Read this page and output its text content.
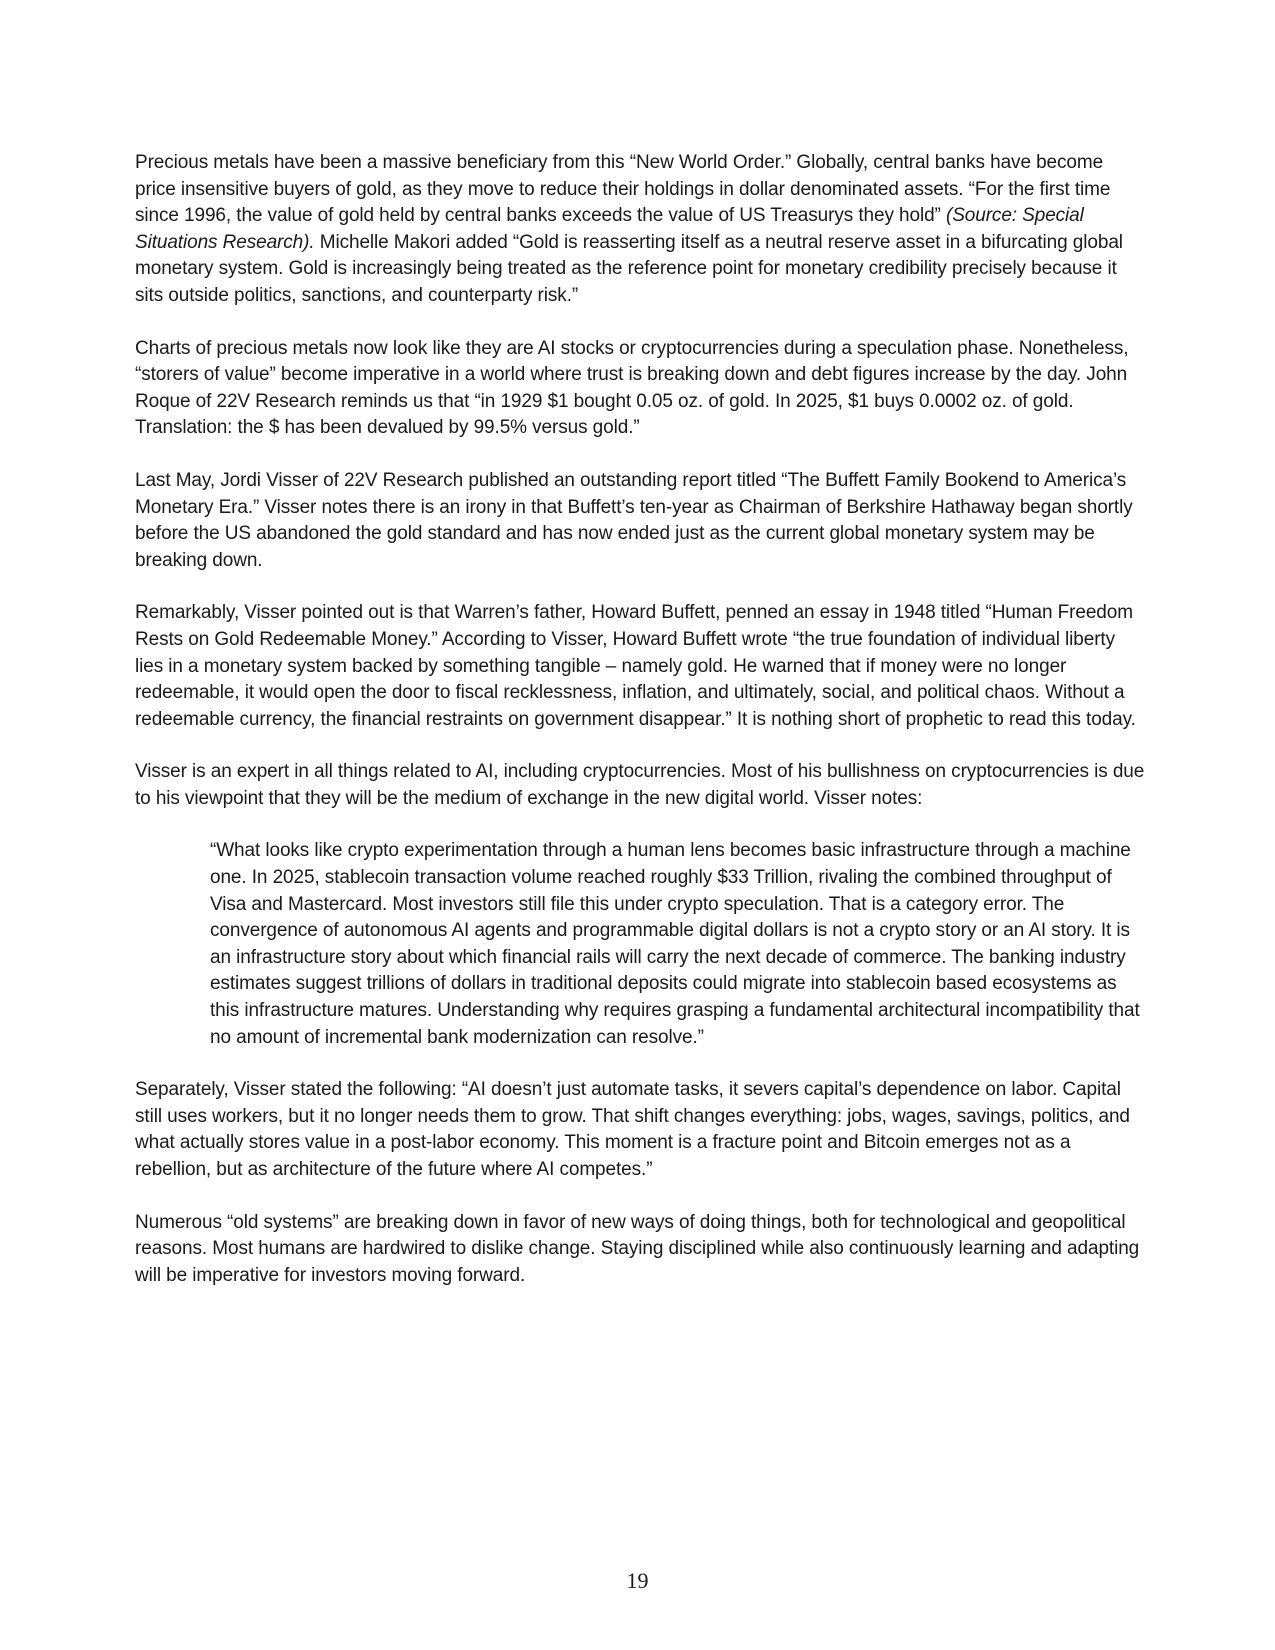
Precious metals have been a massive beneficiary from this “New World Order.” Globally, central banks have become price insensitive buyers of gold, as they move to reduce their holdings in dollar denominated assets. “For the first time since 1996, the value of gold held by central banks exceeds the value of US Treasurys they hold” (Source: Special Situations Research). Michelle Makori added “Gold is reasserting itself as a neutral reserve asset in a bifurcating global monetary system. Gold is increasingly being treated as the reference point for monetary credibility precisely because it sits outside politics, sanctions, and counterparty risk.”

Charts of precious metals now look like they are AI stocks or cryptocurrencies during a speculation phase. Nonetheless, “storers of value” become imperative in a world where trust is breaking down and debt figures increase by the day. John Roque of 22V Research reminds us that “in 1929 $1 bought 0.05 oz. of gold. In 2025, $1 buys 0.0002 oz. of gold. Translation: the $ has been devalued by 99.5% versus gold.”

Last May, Jordi Visser of 22V Research published an outstanding report titled “The Buffett Family Bookend to America’s Monetary Era.” Visser notes there is an irony in that Buffett’s ten-year as Chairman of Berkshire Hathaway began shortly before the US abandoned the gold standard and has now ended just as the current global monetary system may be breaking down.

Remarkably, Visser pointed out is that Warren’s father, Howard Buffett, penned an essay in 1948 titled “Human Freedom Rests on Gold Redeemable Money.” According to Visser, Howard Buffett wrote “the true foundation of individual liberty lies in a monetary system backed by something tangible – namely gold. He warned that if money were no longer redeemable, it would open the door to fiscal recklessness, inflation, and ultimately, social, and political chaos. Without a redeemable currency, the financial restraints on government disappear.” It is nothing short of prophetic to read this today.

Visser is an expert in all things related to AI, including cryptocurrencies. Most of his bullishness on cryptocurrencies is due to his viewpoint that they will be the medium of exchange in the new digital world. Visser notes:

“What looks like crypto experimentation through a human lens becomes basic infrastructure through a machine one. In 2025, stablecoin transaction volume reached roughly $33 Trillion, rivaling the combined throughput of Visa and Mastercard. Most investors still file this under crypto speculation. That is a category error. The convergence of autonomous AI agents and programmable digital dollars is not a crypto story or an AI story. It is an infrastructure story about which financial rails will carry the next decade of commerce. The banking industry estimates suggest trillions of dollars in traditional deposits could migrate into stablecoin based ecosystems as this infrastructure matures. Understanding why requires grasping a fundamental architectural incompatibility that no amount of incremental bank modernization can resolve.”

Separately, Visser stated the following: “AI doesn’t just automate tasks, it severs capital’s dependence on labor. Capital still uses workers, but it no longer needs them to grow. That shift changes everything: jobs, wages, savings, politics, and what actually stores value in a post-labor economy. This moment is a fracture point and Bitcoin emerges not as a rebellion, but as architecture of the future where AI competes.”

Numerous “old systems” are breaking down in favor of new ways of doing things, both for technological and geopolitical reasons. Most humans are hardwired to dislike change. Staying disciplined while also continuously learning and adapting will be imperative for investors moving forward.

19
